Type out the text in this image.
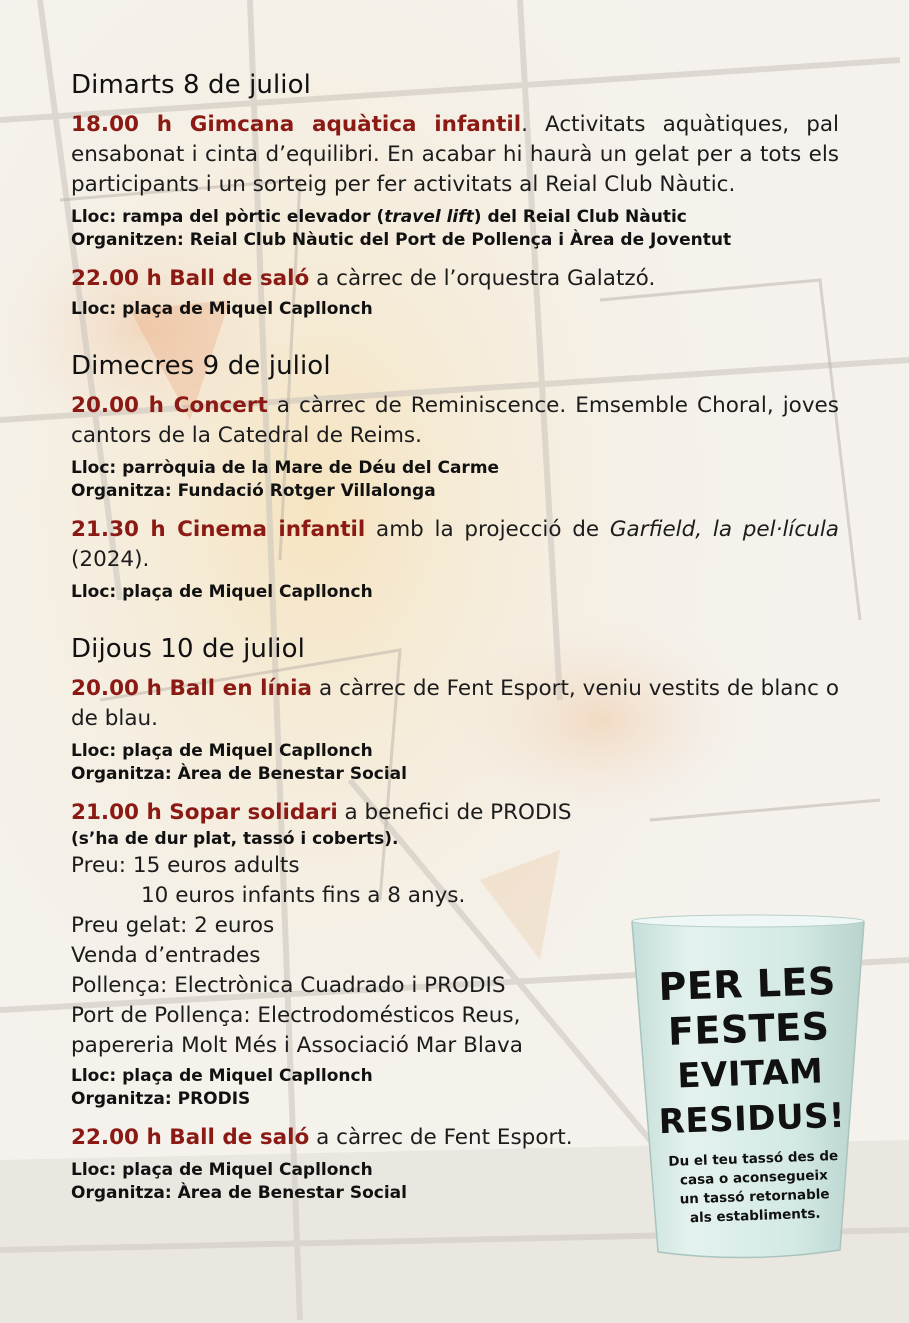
Dimarts 8 de juliol

18.00 h Gimcana aquàtica infantil. Activitats aquàtiques, pal ensabonat i cinta d’equilibri. En acabar hi haurà un gelat per a tots els participants i un sorteig per fer activitats al Reial Club Nàutic.

Lloc: rampa del pòrtic elevador (travel lift) del Reial Club Nàutic

Organitzen: Reial Club Nàutic del Port de Pollença i Àrea de Joventut

22.00 h Ball de saló a càrrec de l’orquestra Galatzó.

Lloc: plaça de Miquel Capllonch

Dimecres 9 de juliol

20.00 h Concert a càrrec de Reminiscence. Emsemble Choral, joves cantors de la Catedral de Reims.

Lloc: parròquia de la Mare de Déu del Carme

Organitza: Fundació Rotger Villalonga

21.30 h Cinema infantil amb la projecció de Garfield, la pel·lícula (2024).

Lloc: plaça de Miquel Capllonch

Dijous 10 de juliol

20.00 h Ball en línia a càrrec de Fent Esport, veniu vestits de blanc o de blau.

Lloc: plaça de Miquel Capllonch

Organitza: Àrea de Benestar Social

21.00 h Sopar solidari a benefici de PRODIS

(s’ha de dur plat, tassó i coberts).

Preu: 15 euros adults

10 euros infants fins a 8 anys.

Preu gelat: 2 euros

Venda d’entrades

Pollença: Electrònica Cuadrado i PRODIS

Port de Pollença: Electrodomésticos Reus,

papereria Molt Més i Associació Mar Blava

Lloc: plaça de Miquel Capllonch

Organitza: PRODIS

22.00 h Ball de saló a càrrec de Fent Esport.

Lloc: plaça de Miquel Capllonch

Organitza: Àrea de Benestar Social

PER LES
FESTES
EVITAM
RESIDUS!
Du el teu tassó des de
casa o aconsegueix
un tassó retornable
als establiments.
